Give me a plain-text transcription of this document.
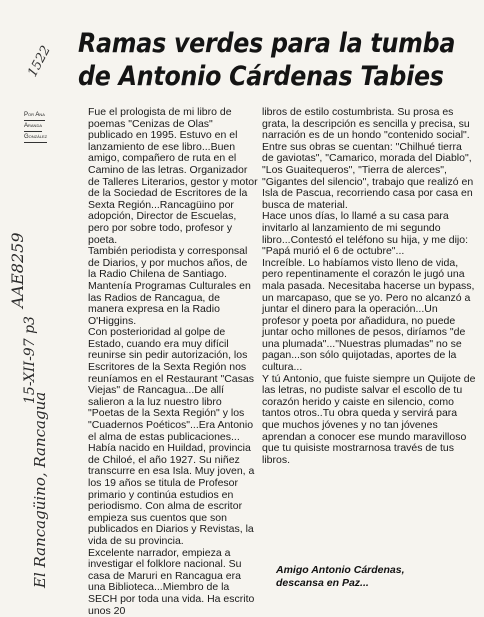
1522 Ramas verdes para la tumba
de Antonio Cárdenas Tabies
Por Ana
Aranda
González
AAE8259
15-XII-97 p3
El Rancagüino, Rancagua

Fue el prologista de mi libro de poemas "Cenizas de Olas" publicado en 1995. Estuvo en el lanzamiento de ese libro...Buen amigo, compañero de ruta en el Camino de las letras. Organizador de Talleres Literarios, gestor y motor de la Sociedad de Escritores de la Sexta Región...Rancagüino por adopción, Director de Escuelas, pero por sobre todo, profesor y poeta.

También periodista y corresponsal de Diarios, y por muchos años, de la Radio Chilena de Santiago. Mantenía Programas Culturales en las Radios de Rancagua, de manera expresa en la Radio O'Higgins.

Con posterioridad al golpe de Estado, cuando era muy difícil reunirse sin pedir autorización, los Escritores de la Sexta Región nos reuníamos en el Restaurant "Casas Viejas" de Rancagua...De allí salieron a la luz nuestro libro "Poetas de la Sexta Región" y los "Cuadernos Poéticos"...Era Antonio el alma de estas publicaciones...

Había nacido en Huildad, provincia de Chiloé, el año 1927. Su niñez transcurre en esa Isla. Muy joven, a los 19 años se titula de Profesor primario y continúa estudios en periodismo. Con alma de escritor empieza sus cuentos que son publicados en Diarios y Revistas, la vida de su provincia.

Excelente narrador, empieza a investigar el folklore nacional. Su casa de Maruri en Rancagua era una Biblioteca...Miembro de la SECH por toda una vida. Ha escrito unos 20

libros de estilo costumbrista. Su prosa es grata, la descripción es sencilla y precisa, su narración es de un hondo "contenido social". Entre sus obras se cuentan: "Chilhué tierra de gaviotas", "Camarico, morada del Diablo", "Los Guaitequeros", "Tierra de alerces", "Gigantes del silencio", trabajo que realizó en Isla de Pascua, recorriendo casa por casa en busca de material.

Hace unos días, lo llamé a su casa para invitarlo al lanzamiento de mi segundo libro...Contestó el teléfono su hija, y me dijo: "Papá murió el 6 de octubre"...

Increíble. Lo habíamos visto lleno de vida, pero repentinamente el corazón le jugó una mala pasada. Necesitaba hacerse un bypass, un marcapaso, que se yo. Pero no alcanzó a juntar el dinero para la operación...Un profesor y poeta por añadidura, no puede juntar ocho millones de pesos, diríamos "de una plumada"..."Nuestras plumadas" no se pagan...son sólo quijotadas, aportes de la cultura...

Y tú Antonio, que fuiste siempre un Quijote de las letras, no pudiste salvar el escollo de tu corazón herido y caiste en silencio, como tantos otros..Tu obra queda y servirá para que muchos jóvenes y no tan jóvenes aprendan a conocer ese mundo maravilloso que tu quisiste mostrarnosa través de tus libros.

Amigo Antonio Cárdenas,
descansa en Paz...
